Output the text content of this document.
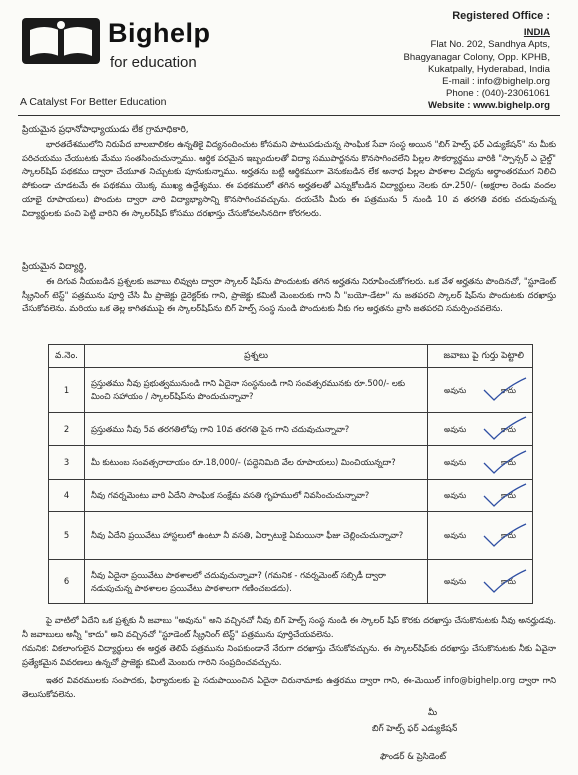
Bighelp
for education
A Catalyst For Better Education
Registered Office :
INDIA
Flat No. 202, Sandhya Apts,
Bhagyanagar Colony, Opp. KPHB,
Kukatpally, Hyderabad, India
E-mail : info@bighelp.org
Phone : (040)-23061061
Website : www.bighelp.org
ప్రియమైన ప్రధానోపాధ్యాయుడు లేక గ్రామాధికారి,
భారతదేశములోని నిరుపేద బాలబాలికల ఉన్నతికై విద్యనందించుట కోసమని పాటుపడుచున్న సాంఘిక సేవా సంస్థ అయిన "బిగ్ హెల్ప్ ఫర్ ఎడ్యుకేషన్" ను మీకు పరిచయము చేయుటకు మేము సంతసించుచున్నాము. ఆర్థిక పరమైన ఇబ్బందులతో విద్యా సముపార్జనను కొనసాగించలేని పిల్లల సౌకర్యార్థము వారికి "స్పాన్సర్ ఎ చైల్డ్" స్కాలర్‌షిప్ పథకము ద్వారా చేయూత నిచ్చుటకు పూనుకున్నాము. అర్హతను బట్టి ఆర్థికముగా వెనుకబడిన లేక అనాధ పిల్లల పాఠశాల విద్యను అర్థాంతరముగ నిలిచి పోకుండా చూడటమే ఈ పథకము యొక్క ముఖ్య ఉద్దేశ్యము. ఈ పథకములో తగిన అర్హతలతో ఎన్నుకోబడిన విద్యార్థులు నెలకు రూ.250/- (అక్షరాల రెండు వందల యాభై రూపాయలు) పొందుట ద్వారా వారి విద్యాభ్యాసాన్ని కొనసాగించవచ్చును. దయచేసి మీరు ఈ పత్రమును 5 నుండి 10 వ తరగతి వరకు చదువుచున్న విద్యార్థులకు పంచి పెట్టి వారిని ఈ స్కాలర్‌షిప్ కోసము దరఖాస్తు చేసుకోవలసినదిగా కోరగలరు.
ప్రియమైన విద్యార్థి,
ఈ దిగువ నీయబడిన ప్రశ్నలకు జవాబు లివ్వుట ద్వారా స్కాలర్ షిప్‌ను పొందుటకు తగిన అర్హతను నిరూపించుకోగలరు. ఒక వేళ అర్హతను పొందినచో, "స్టూడెంట్ స్క్రీనింగ్ టెస్ట్" పత్రమును పూర్తి చేసి మీ ప్రాజెక్టు డైరెక్టర్‌కు గాని, ప్రాజెక్టు కమిటీ మెంబరుకు గాని నీ "బయో-డేటా" ను జతపరచి స్కాలర్ షిప్‌ను పొందుటకు దరఖాస్తు చేసుకోవలెను. మరియు ఒక తెల్ల కాగితముపై ఈ స్కాలర్‌షిప్‌ను బిగ్ హెల్ప్ సంస్థ నుండి పొందుటకు నీకు గల అర్హతను వ్రాసి జతపరచి సమర్పించవలెను.
వ.నెం.	ప్రశ్నలు	జవాబు పై గుర్తు పెట్టాలి
1	ప్రస్తుతము నీవు ప్రభుత్వమునుండి గాని ఏదైనా సంస్థనుండి గాని సంవత్సరమునకు రూ.500/- లకు మించి సహాయం / స్కాలర్‌షిప్‌ను పొందుచున్నావా?	అవును కాదు

2	ప్రస్తుతము నీవు 5వ తరగతిలోపు గాని 10వ తరగతి పైన గాని చదువుచున్నావా?	అవును కాదు

3	మీ కుటుంబ సంవత్సరాదాయం రూ.18,000/- (పద్దెనిమిది వేల రూపాయలు) మించియున్నదా?	అవును కాదు

4	నీవు గవర్నమెంటు వారి ఏదేని సాంఘిక సంక్షేమ వసతి గృహములో నివసించుచున్నావా?	అవును కాదు

5	నీవు ఏదేని ప్రయివేటు హాస్టలులో ఉంటూ నీ వసతి, ఏర్పాటుకై ఏమయినా ఫీజు చెల్లించుచున్నావా?	అవును కాదు

6	నీవు ఏదైనా ప్రయివేటు పాఠశాలలో చదువుచున్నావా? (గమనిక - గవర్నమెంట్ సబ్సిడీ ద్వారా నడుపుచున్న పాఠశాలల ప్రయివేటు పాఠశాలగా గణించబడదు).	అవును కాదు
పై వాటిలో ఏదేని ఒక ప్రశ్నకు నీ జవాబు "అవును" అని వచ్చినచో నీవు బిగ్ హెల్ప్ సంస్థ నుండి ఈ స్కాలర్ షిప్ కొరకు దరఖాస్తు చేసుకొనుటకు నీవు అనర్హుడవు. నీ జవాబులు అన్నీ "కాదు" అని వచ్చినచో "స్టూడెంట్ స్క్రీనింగ్ టెస్ట్" పత్రమును పూర్తిచేయవలెను.
గమనిక: వికలాంగులైన విద్యార్థులు ఈ అర్హత తెలిపే పత్రమును నింపకుండానే నేరుగా దరఖాస్తు చేసుకోవచ్చును. ఈ స్కాలర్‌షిప్‌కు దరఖాస్తు చేసుకొనుటకు నీకు ఏవైనా ప్రత్యేకమైన వివరణలు ఉన్నచో ప్రాజెక్టు కమిటీ మెంబరు గారిని సంప్రదించవచ్చును.
ఇతర వివరములకు సంపాదకు, ఫిర్యాదులకు పై సదుపాయించిన ఏదైనా చిరునామాకు ఉత్తరము ద్వారా గాని, ఈ-మెయిల్ info@bighelp.org ద్వారా గాని తెలుసుకోవలెను.
మీ
బిగ్ హెల్ప్ ఫర్ ఎడ్యుకేషన్
ఫౌండర్ & ప్రెసిడెంట్
